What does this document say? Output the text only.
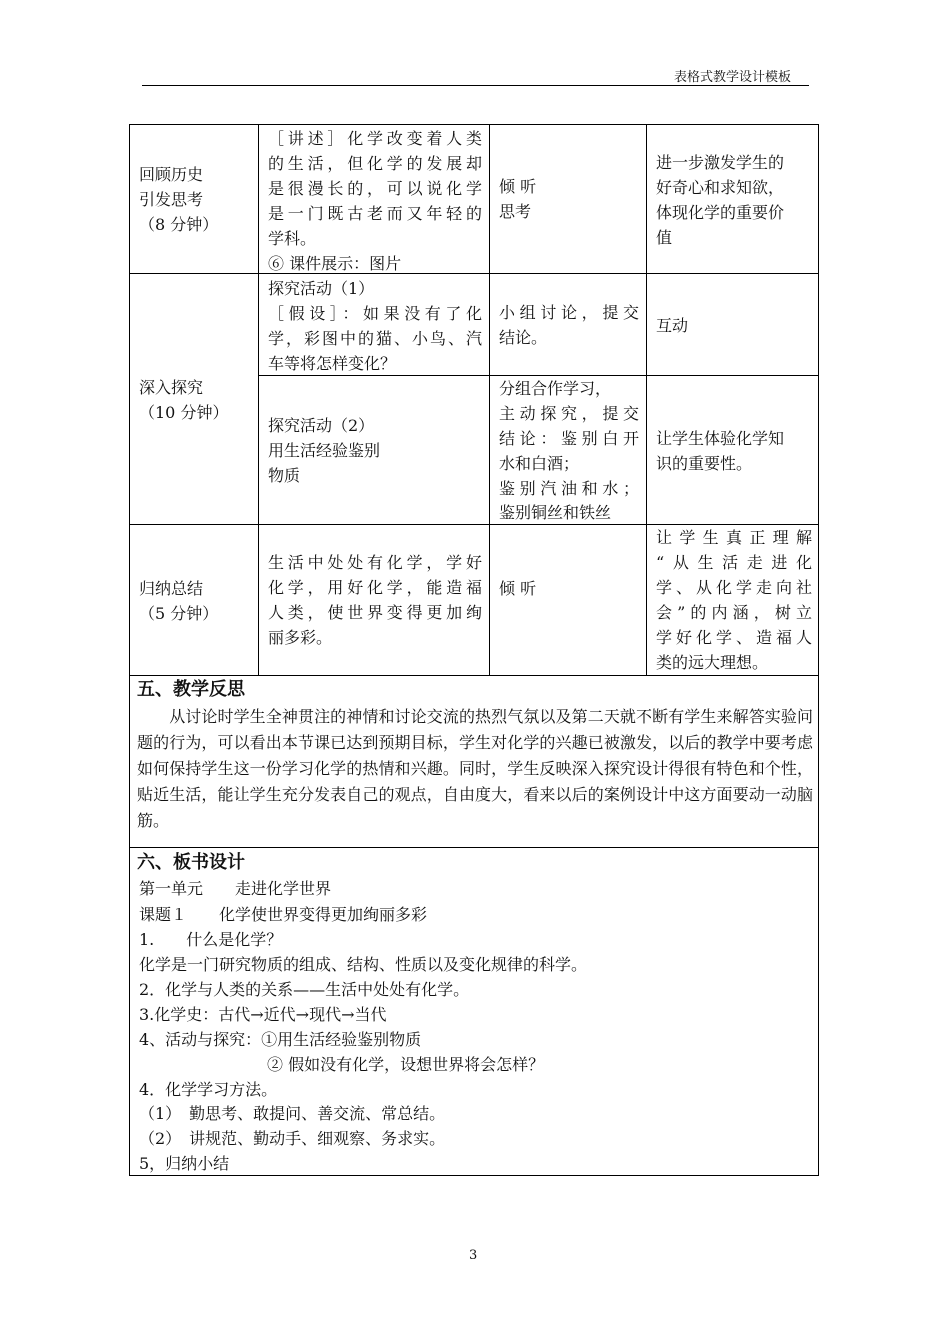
表格式教学设计模板
回顾历史
引发思考
（8 分钟）
［讲述］化学改变着人类
的生活，但化学的发展却
是很漫长的，可以说化学
是一门既古老而又年轻的
学科。
⑥ 课件展示：图片
倾 听
思考
进一步激发学生的
好奇心和求知欲，
体现化学的重要价
值
深入探究
（10 分钟）
探究活动（1）
［假设］：如果没有了化
学，彩图中的猫、小鸟、汽
车等将怎样变化？
小组讨论，提交
结论。
互动
探究活动（2）
用生活经验鉴别
物质
分组合作学习，
主动探究，提交
结论：鉴别白开
水和白酒；
鉴别汽油和水；
鉴别铜丝和铁丝
让学生体验化学知
识的重要性。
归纳总结
（5 分钟）
生活中处处有化学，学好
化学，用好化学，能造福
人类，使世界变得更加绚
丽多彩。
倾 听
让学生真正理解
“从生活走进化
学、从化学走向社
会”的内涵，树立
学好化学、造福人
类的远大理想。
五、教学反思
　　从讨论时学生全神贯注的神情和讨论交流的热烈气氛以及第二天就不断有学生来解答实验问题的行为，可以看出本节课已达到预期目标，学生对化学的兴趣已被激发，以后的教学中要考虑如何保持学生这一份学习化学的热情和兴趣。同时，学生反映深入探究设计得很有特色和个性，贴近生活，能让学生充分发表自己的观点，自由度大，看来以后的案例设计中这方面要动一动脑筋。
六、板书设计
第一单元　　走进化学世界
课题１　　化学使世界变得更加绚丽多彩
1.　　什么是化学？
化学是一门研究物质的组成、结构、性质以及变化规律的科学。
2．化学与人类的关系——生活中处处有化学。
3.化学史：古代→近代→现代→当代
4、活动与探究：①用生活经验鉴别物质
　　　　　　　　② 假如没有化学，设想世界将会怎样？
4．化学学习方法。
（1）　勤思考、敢提问、善交流、常总结。
（2）　讲规范、勤动手、细观察、务求实。
5，归纳小结
3
